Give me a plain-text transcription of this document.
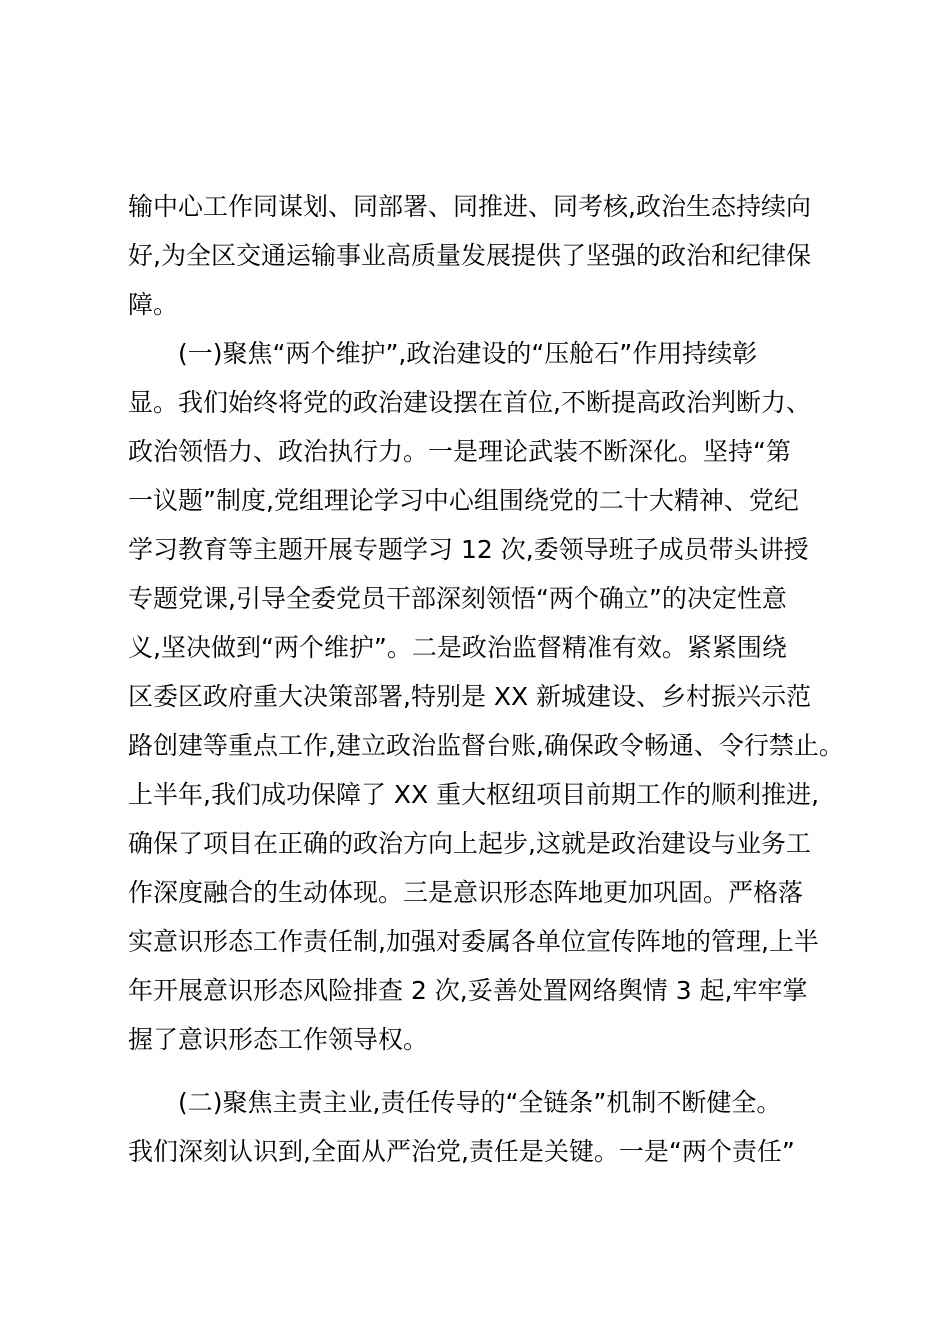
输中心工作同谋划、同部署、同推进、同考核,政治生态持续向
好,为全区交通运输事业高质量发展提供了坚强的政治和纪律保
障。
(一)聚焦“两个维护”,政治建设的“压舱石”作用持续彰
显。我们始终将党的政治建设摆在首位,不断提高政治判断力、
政治领悟力、政治执行力。一是理论武装不断深化。坚持“第
一议题”制度,党组理论学习中心组围绕党的二十大精神、党纪
学习教育等主题开展专题学习 12 次,委领导班子成员带头讲授
专题党课,引导全委党员干部深刻领悟“两个确立”的决定性意
义,坚决做到“两个维护”。二是政治监督精准有效。紧紧围绕
区委区政府重大决策部署,特别是 XX 新城建设、乡村振兴示范
路创建等重点工作,建立政治监督台账,确保政令畅通、令行禁止。
上半年,我们成功保障了 XX 重大枢纽项目前期工作的顺利推进,
确保了项目在正确的政治方向上起步,这就是政治建设与业务工
作深度融合的生动体现。三是意识形态阵地更加巩固。严格落
实意识形态工作责任制,加强对委属各单位宣传阵地的管理,上半
年开展意识形态风险排查 2 次,妥善处置网络舆情 3 起,牢牢掌
握了意识形态工作领导权。
(二)聚焦主责主业,责任传导的“全链条”机制不断健全。
我们深刻认识到,全面从严治党,责任是关键。一是“两个责任”
